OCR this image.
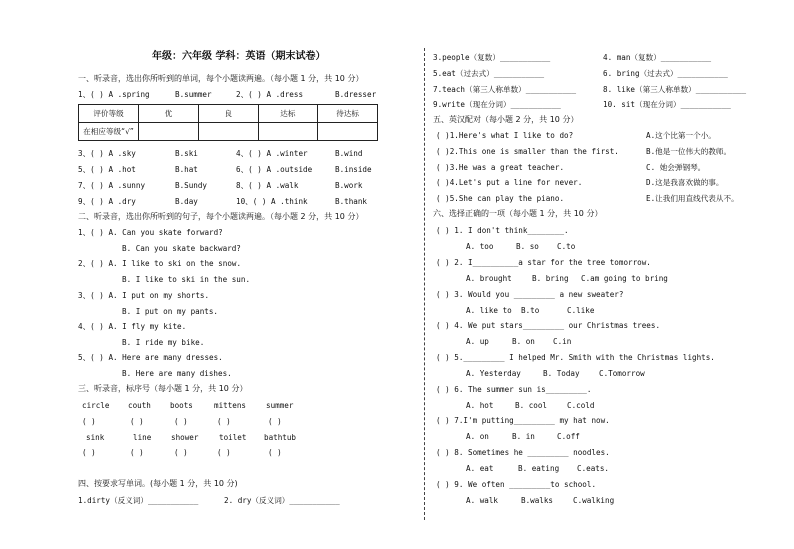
年级：六年级 学科：英语（期末试卷）
一、听录音，选出你所听到的单词，每个小题读两遍。（每小题 1 分，共 10 分）
1、( ) A .spring	B.summer	2、( ) A .dress	B.dresser
评价等级	优	良	达标	待达标
在相应等级“√”				
3、( ) A .sky	B.ski	4、( ) A .winter	B.wind
5、( ) A .hot	B.hat	6、( ) A .outside	B.inside
7、( ) A .sunny	B.Sundy	8、( ) A .walk	B.work
9、( ) A .dry	B.day	10、( ) A .think	B.thank
二、听录音，选出你所听到的句子，每个小题读两遍。（每小题 2 分，共 10 分）
1、( ) A. Can you skate forward?
B. Can you skate backward?
2、( ) A. I like to ski on the snow.
B. I like to ski in the sun.
3、( ) A. I put on my shorts.
B. I put on my pants.
4、( ) A. I fly my kite.
B. I ride my bike.
5、( ) A. Here are many dresses.
B. Here are many dishes.
三、听录音，标序号（每小题 1 分，共 10 分）
circle couth	boots	mittens	summer
( )	( )	( )	( )	( )
sink	line	shower	toilet bathtub
( )	( )	( )	( )	( )
四、按要求写单词。(每小题 1 分，共 10 分)
1.dirty（反义词）___________	2. dry（反义词）___________
3.people（复数）___________	4. man（复数）___________
5.eat（过去式）___________	6. bring（过去式）___________
7.teach（第三人称单数）___________	8. like（第三人称单数）___________
9.write（现在分词）___________	10. sit（现在分词）___________
五、英汉配对（每小题 2 分，共 10 分）
( )1.Here's what I like to do?	A.这个比第一个小。
( )2.This one is smaller than the first.	B.他是一位伟大的教师。
( )3.He was a great teacher.	C. 她会弹钢琴。
( )4.Let's put a line for never.	D.这是我喜欢做的事。
( )5.She can play the piano.	E.让我们用直线代表从不。
六、选择正确的一项（每小题 1 分，共 10 分）
( ) 1. I don't think________.
A. too	B. so C.to
( ) 2. I__________a star for the tree tomorrow.
A. brought	B. bring C.am going to bring
( ) 3. Would you _________ a new sweater?
A. like to B.to	C.like
( ) 4. We put stars_________ our Christmas trees.
A. up	B. on C.in
( ) 5._________ I helped Mr. Smith with the Christmas lights.
A. Yesterday	B. Today	C.Tomorrow
( ) 6. The summer sun is_________.
A. hot	B. cool	C.cold
( ) 7.I'm putting_________ my hat now.
A. on	B. in	C.off
( ) 8. Sometimes he _________ noodles.
A. eat	B. eating C.eats.
( ) 9. We often _________to school.
A. walk	B.walks	C.walking
